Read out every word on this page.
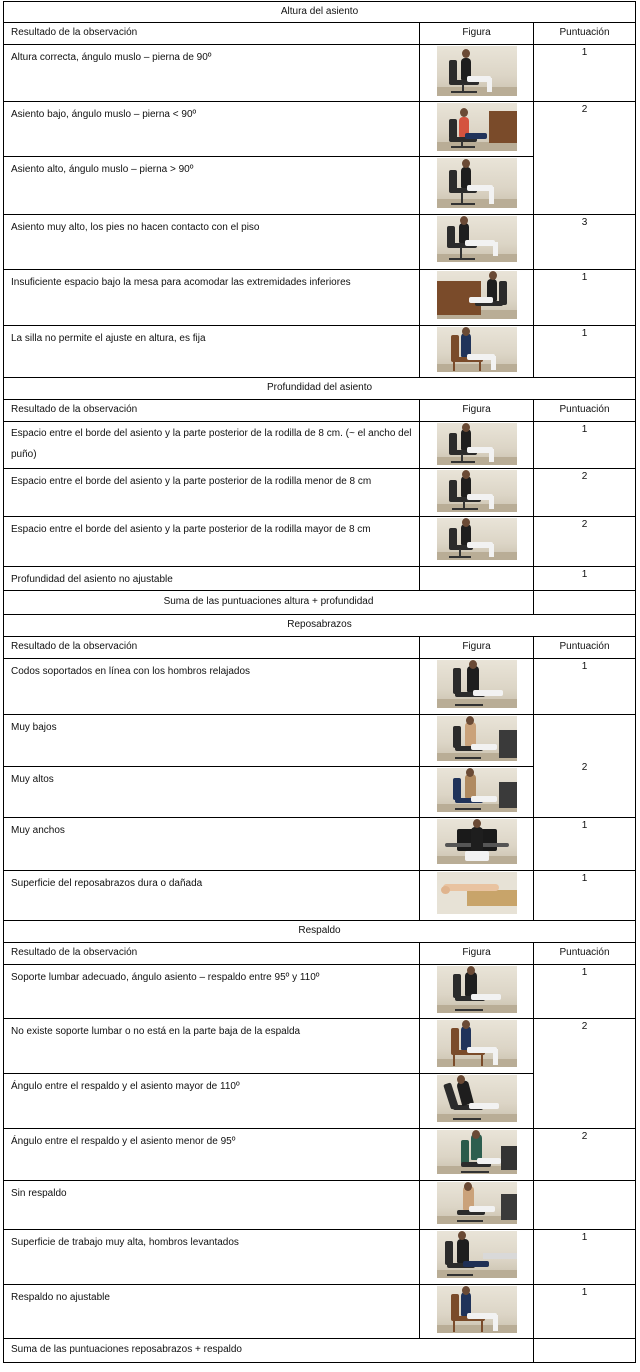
Altura del asiento		
Resultado de la observación	Figura	Puntuación
Altura correcta, ángulo muslo – pierna de 90º		1
Asiento bajo, ángulo muslo – pierna < 90º		2
Asiento alto, ángulo muslo – pierna > 90º		

Asiento muy alto, los pies no hacen contacto con el piso		3
Insuficiente espacio bajo la mesa para acomodar las extremidades inferiores		1
La silla no permite el ajuste en altura, es fija		1
Profundidad del asiento		
Resultado de la observación	Figura	Puntuación
Espacio entre el borde del asiento y la parte posterior de la rodilla de 8 cm. (~ el ancho del puño)		1
Espacio entre el borde del asiento y la parte posterior de la rodilla menor de 8 cm		2
Espacio entre el borde del asiento y la parte posterior de la rodilla mayor de 8 cm		2
Profundidad del asiento no ajustable		1
Suma de las puntuaciones altura + profundidad		
Reposabrazos		
Resultado de la observación	Figura	Puntuación
Codos soportados en línea con los hombros relajados		1
Muy bajos		2
Muy altos		

Muy anchos		1
Superficie del reposabrazos dura o dañada		1
Respaldo		
Resultado de la observación	Figura	Puntuación
Soporte lumbar adecuado, ángulo asiento – respaldo entre 95º y 110º		1
No existe soporte lumbar o no está en la parte baja de la espalda		2
Ángulo entre el respaldo y el asiento mayor de 110º		

Ángulo entre el respaldo y el asiento menor de 95º		2
Sin respaldo	

Superficie de trabajo muy alta, hombros levantados		1
Respaldo no ajustable		1
Suma de las puntuaciones reposabrazos + respaldo		
